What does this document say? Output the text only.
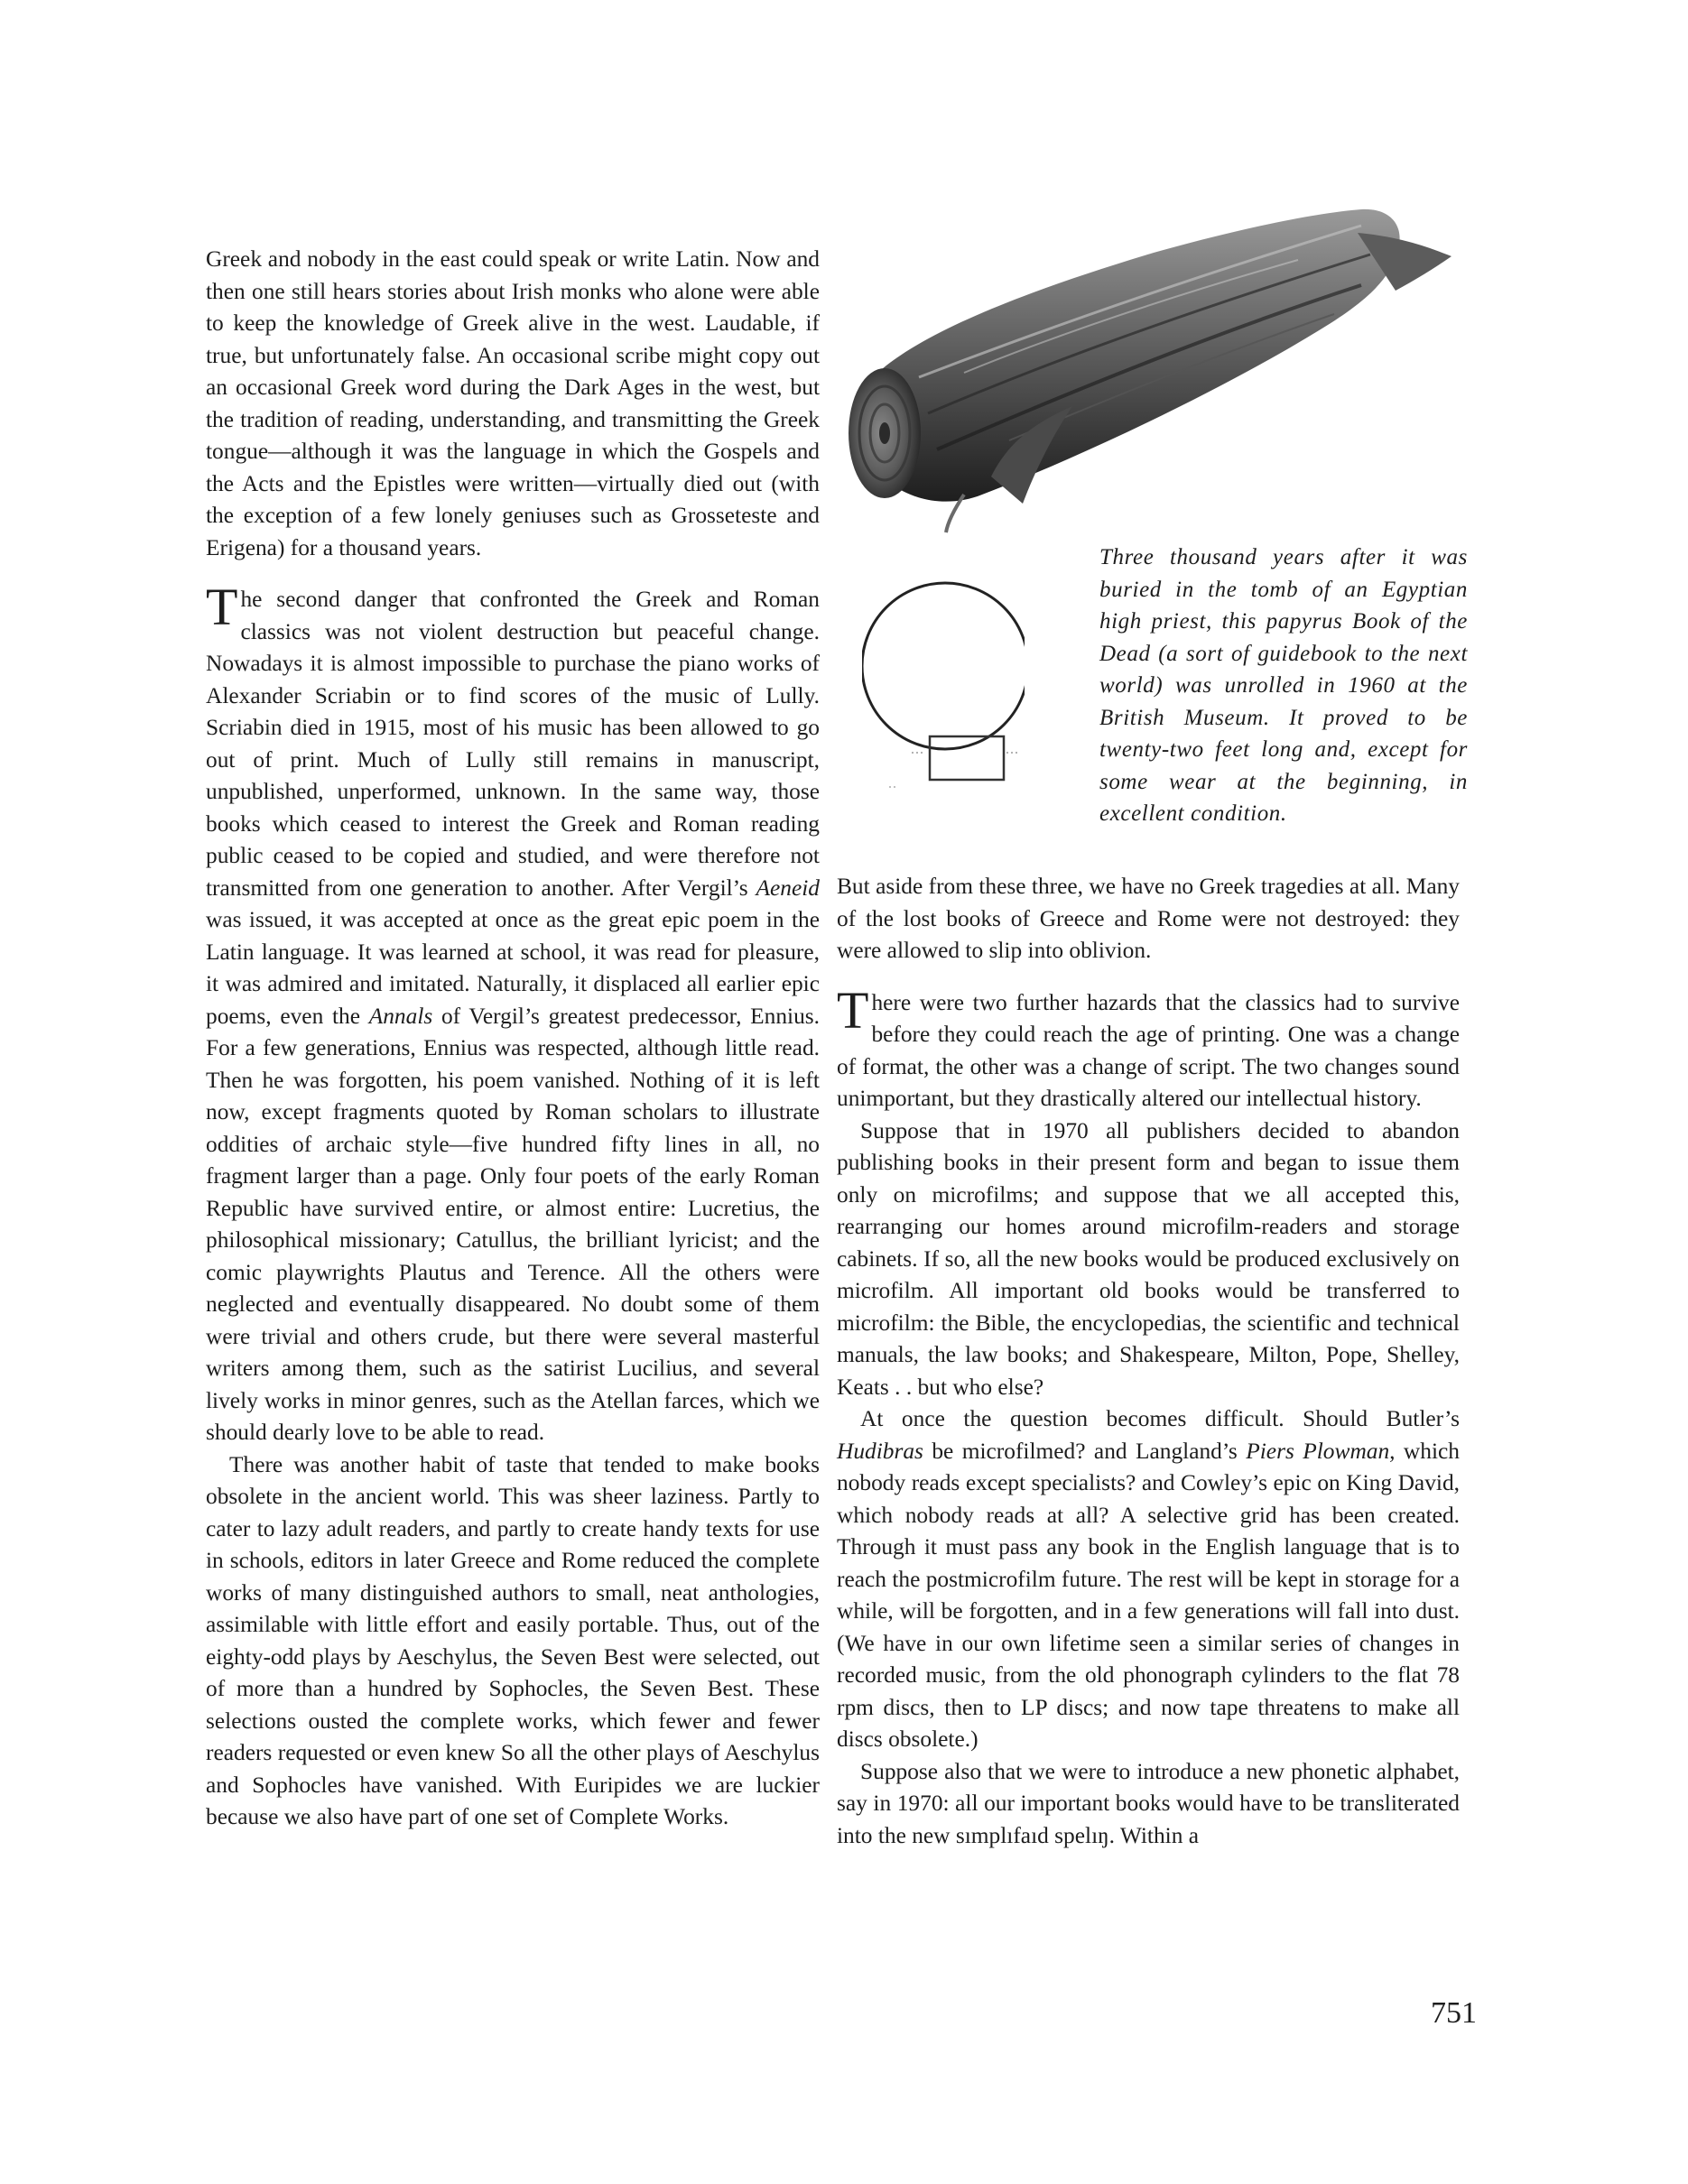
Greek and nobody in the east could speak or write Latin. Now and then one still hears stories about Irish monks who alone were able to keep the knowledge of Greek alive in the west. Laudable, if true, but unfortunately false. An occasional scribe might copy out an occasional Greek word during the Dark Ages in the west, but the tradition of reading, understanding, and transmitting the Greek tongue—although it was the language in which the Gospels and the Acts and the Epistles were written—virtually died out (with the exception of a few lonely geniuses such as Grosseteste and Erigena) for a thousand years.

The second danger that confronted the Greek and Roman classics was not violent destruction but peaceful change. Nowadays it is almost impossible to purchase the piano works of Alexander Scriabin or to find scores of the music of Lully. Scriabin died in 1915, most of his music has been allowed to go out of print. Much of Lully still remains in manuscript, unpublished, unperformed, unknown. In the same way, those books which ceased to interest the Greek and Roman reading public ceased to be copied and studied, and were therefore not transmitted from one generation to another. After Vergil’s Aeneid was issued, it was accepted at once as the great epic poem in the Latin language. It was learned at school, it was read for pleasure, it was admired and imitated. Naturally, it displaced all earlier epic poems, even the Annals of Vergil’s greatest predecessor, Ennius. For a few generations, Ennius was respected, although little read. Then he was forgotten, his poem vanished. Nothing of it is left now, except fragments quoted by Roman scholars to illustrate oddities of archaic style—five hundred fifty lines in all, no fragment larger than a page. Only four poets of the early Roman Republic have survived entire, or almost entire: Lucretius, the philosophical missionary; Catullus, the brilliant lyricist; and the comic playwrights Plautus and Terence. All the others were neglected and eventually disappeared. No doubt some of them were trivial and others crude, but there were several masterful writers among them, such as the satirist Lucilius, and several lively works in minor genres, such as the Atellan farces, which we should dearly love to be able to read.

There was another habit of taste that tended to make books obsolete in the ancient world. This was sheer laziness. Partly to cater to lazy adult readers, and partly to create handy texts for use in schools, editors in later Greece and Rome reduced the complete works of many distinguished authors to small, neat anthologies, assimilable with little effort and easily portable. Thus, out of the eighty-odd plays by Aeschylus, the Seven Best were selected, out of more than a hundred by Sophocles, the Seven Best. These selections ousted the complete works, which fewer and fewer readers requested or even knew So all the other plays of Aeschylus and Sophocles have vanished. With Euripides we are luckier because we also have part of one set of Complete Works.

Three thousand years after it was buried in the tomb of an Egyptian high priest, this papyrus Book of the Dead (a sort of guidebook to the next world) was unrolled in 1960 at the British Museum. It proved to be twenty-two feet long and, except for some wear at the beginning, in excellent condition.

But aside from these three, we have no Greek tragedies at all. Many of the lost books of Greece and Rome were not destroyed: they were allowed to slip into oblivion.

There were two further hazards that the classics had to survive before they could reach the age of printing. One was a change of format, the other was a change of script. The two changes sound unimportant, but they drastically altered our intellectual history.

Suppose that in 1970 all publishers decided to abandon publishing books in their present form and began to issue them only on microfilms; and suppose that we all accepted this, rearranging our homes around microfilm-readers and storage cabinets. If so, all the new books would be produced exclusively on microfilm. All important old books would be transferred to microfilm: the Bible, the encyclopedias, the scientific and technical manuals, the law books; and Shakespeare, Milton, Pope, Shelley, Keats . . but who else?

At once the question becomes difficult. Should Butler’s Hudibras be microfilmed? and Langland’s Piers Plowman, which nobody reads except specialists? and Cowley’s epic on King David, which nobody reads at all? A selective grid has been created. Through it must pass any book in the English language that is to reach the postmicrofilm future. The rest will be kept in storage for a while, will be forgotten, and in a few generations will fall into dust. (We have in our own lifetime seen a similar series of changes in recorded music, from the old phonograph cylinders to the flat 78 rpm discs, then to LP discs; and now tape threatens to make all discs obsolete.)

Suppose also that we were to introduce a new phonetic alphabet, say in 1970: all our important books would have to be transliterated into the new sımplıfaıd spelıŋ. Within a

751
